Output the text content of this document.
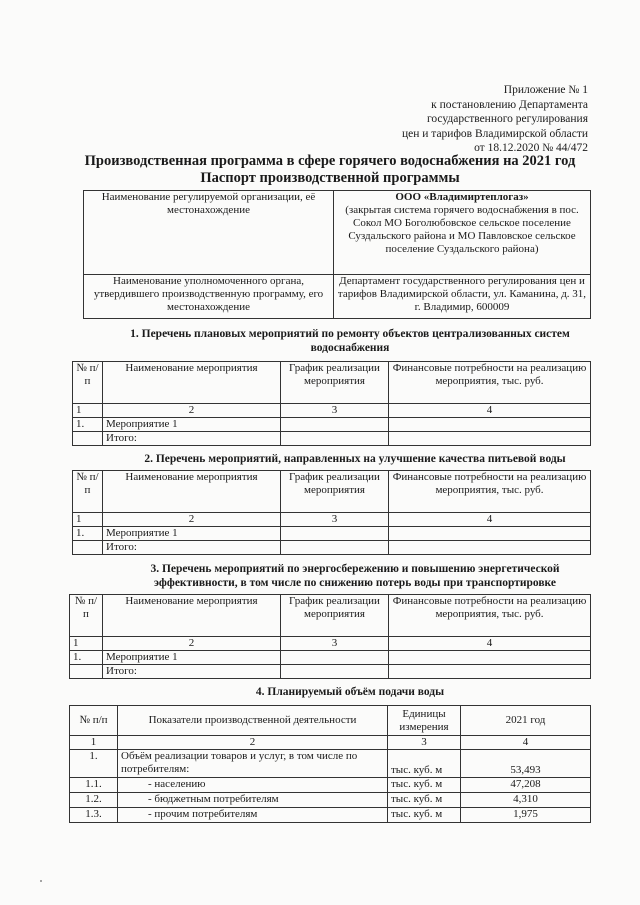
Приложение № 1
к постановлению Департамента
государственного регулирования
цен и тарифов Владимирской области
от 18.12.2020 № 44/472
Производственная программа в сфере горячего водоснабжения на 2021 год
Паспорт производственной программы
Наименование регулируемой организации, её местонахождение	ООО «Владимиртеплогаз»
(закрытая система горячего водоснабжения в пос. Сокол МО Боголюбовское сельское поселение Суздальского района и МО Павловское сельское поселение Суздальского района)

Наименование уполномоченного органа, утвердившего производственную программу, его местонахождение	Департамент государственного регулирования цен и тарифов Владимирской области, ул. Каманина, д. 31, г. Владимир, 600009
1. Перечень плановых мероприятий по ремонту объектов централизованных систем
водоснабжения
№ п/п	Наименование мероприятия	График реализации мероприятия	Финансовые потребности на реализацию мероприятия, тыс. руб.
1	2	3	4
1.	Мероприятие 1		
	Итого:		
2. Перечень мероприятий, направленных на улучшение качества питьевой воды
№ п/п	Наименование мероприятия	График реализации мероприятия	Финансовые потребности на реализацию мероприятия, тыс. руб.
1	2	3	4
1.	Мероприятие 1		
	Итого:		
3. Перечень мероприятий по энергосбережению и повышению энергетической
эффективности, в том числе по снижению потерь воды при транспортировке
№ п/п	Наименование мероприятия	График реализации мероприятия	Финансовые потребности на реализацию мероприятия, тыс. руб.
1	2	3	4
1.	Мероприятие 1		
	Итого:		
4. Планируемый объём подачи воды
№ п/п	Показатели производственной деятельности	Единицы измерения	2021 год
1	2	3	4
1.	Объём реализации товаров и услуг, в том числе по потребителям:	тыс. куб. м	53,493
1.1.	- населению	тыс. куб. м	47,208
1.2.	- бюджетным потребителям	тыс. куб. м	4,310
1.3.	- прочим потребителям	тыс. куб. м	1,975
